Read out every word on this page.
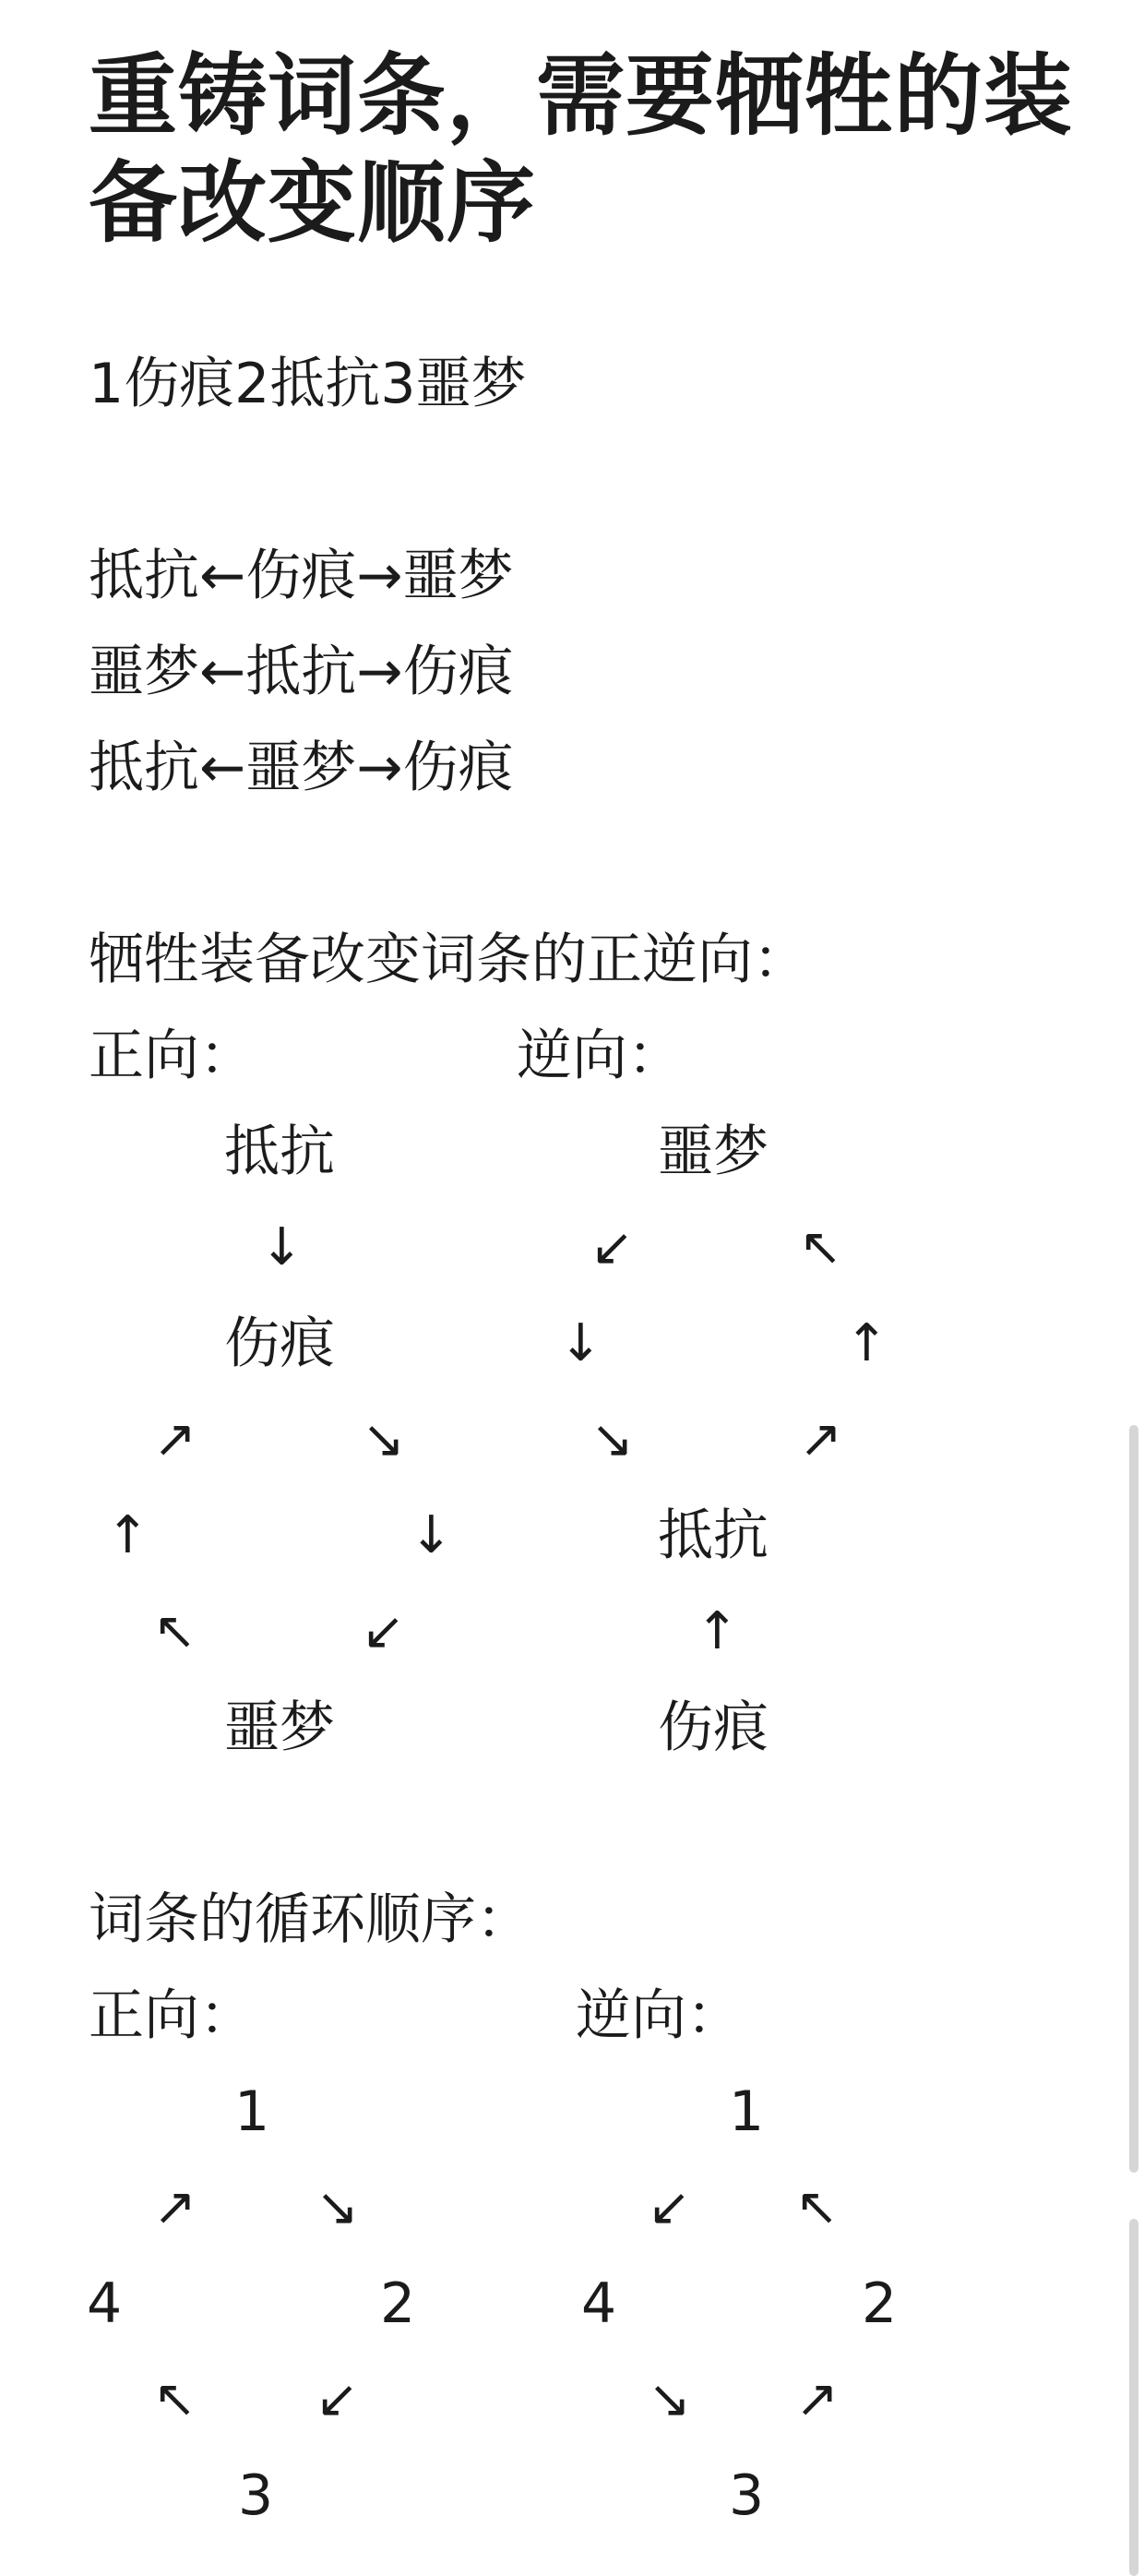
重铸词条，需要牺牲的装备改变顺序
1伤痕2抵抗3噩梦
抵抗←伤痕→噩梦
噩梦←抵抗→伤痕
抵抗←噩梦→伤痕
牺牲装备改变词条的正逆向：
正向：	逆向：
抵抗
↓
伤痕
↗	↘
↑	↓
↖	↙
噩梦
噩梦
↙	↖
↓	↑
↘	↗
抵抗
↑
伤痕
词条的循环顺序：
正向：	逆向：
1
↗ ↘
4	2
↖ ↙
3
1
↙ ↖
4	2
↘ ↗
3
